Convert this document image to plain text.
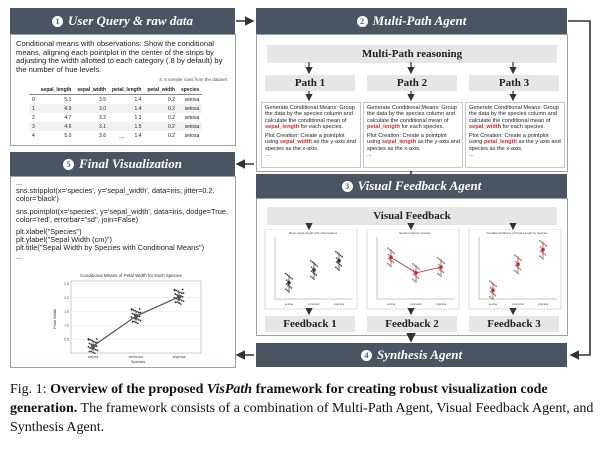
1 User Query & raw data
Conditional means with observations: Show the conditional means, aligning each pointplot in the center of the strips by adjusting the width allotted to each category (.8 by default) by the number of hue levels.
4, 5 sample rows from the dataset
	sepal_length	sepal_width	petal_length	petal_width	species
0	5.1	3.5	1.4	0.2	setosa
1	4.9	3.0	1.4	0.2	setosa
2	4.7	3.2	1.3	0.2	setosa
3	4.6	3.1	1.5	0.2	setosa
4	5.0	3.6	1.4	0.2	setosa
...
2 Multi-Path Agent
Multi-Path reasoning
Path 1
Generate Conditional Means: Group the data by the species column and calculate the conditional mean of sepal_length for each species.
Plot Creation: Create a pointplot using sepal_width as the y-axis and species as the x-axis.
...
Path 2
Generate Conditional Means: Group the data by the species column and calculate the conditional mean of petal_length for each species.
Plot Creation: Create a pointplot using sepal_length as the y-axis and species as the x-axis.
...
Path 3
Generate Conditional Means: Group the data by the species column and calculate the conditional mean of sepal_width for each species.
Plot Creation: Create a pointplot using petal_length as the y-axis and species as the x-axis.
...
3 Visual Feedback Agent
Visual Feedback
Mean sepal length with observations
setosa	versicolor	virginica
Sepal length by species
setosa	versicolor	virginica
Conditional Means of Petal Length by Species
setosa	versicolor	virginica
Feedback 1	Feedback 2	Feedback 3
4 Synthesis Agent
5 Final Visualization
...
sns.stripplot(x='species', y='sepal_width', data=iris, jitter=0.2, color='black')
sns.pointplot(x='species', y='sepal_width', data=iris, dodge=True, color='red', errorbar="sd", join=False)
plt.xlabel("Species")
plt.ylabel("Sepal Width (cm)")
plt.title("Sepal Width by Species with Conditional Means")
...
Conditional Means of Petal Width for Each Species
Petal Width
Species
0.5
1.0
1.5
2.0
2.5
setosa	versicolor	virginica
Fig. 1: Overview of the proposed VisPath framework for creating robust visualization code generation. The framework consists of a combination of Multi-Path Agent, Visual Feedback Agent, and Synthesis Agent.
